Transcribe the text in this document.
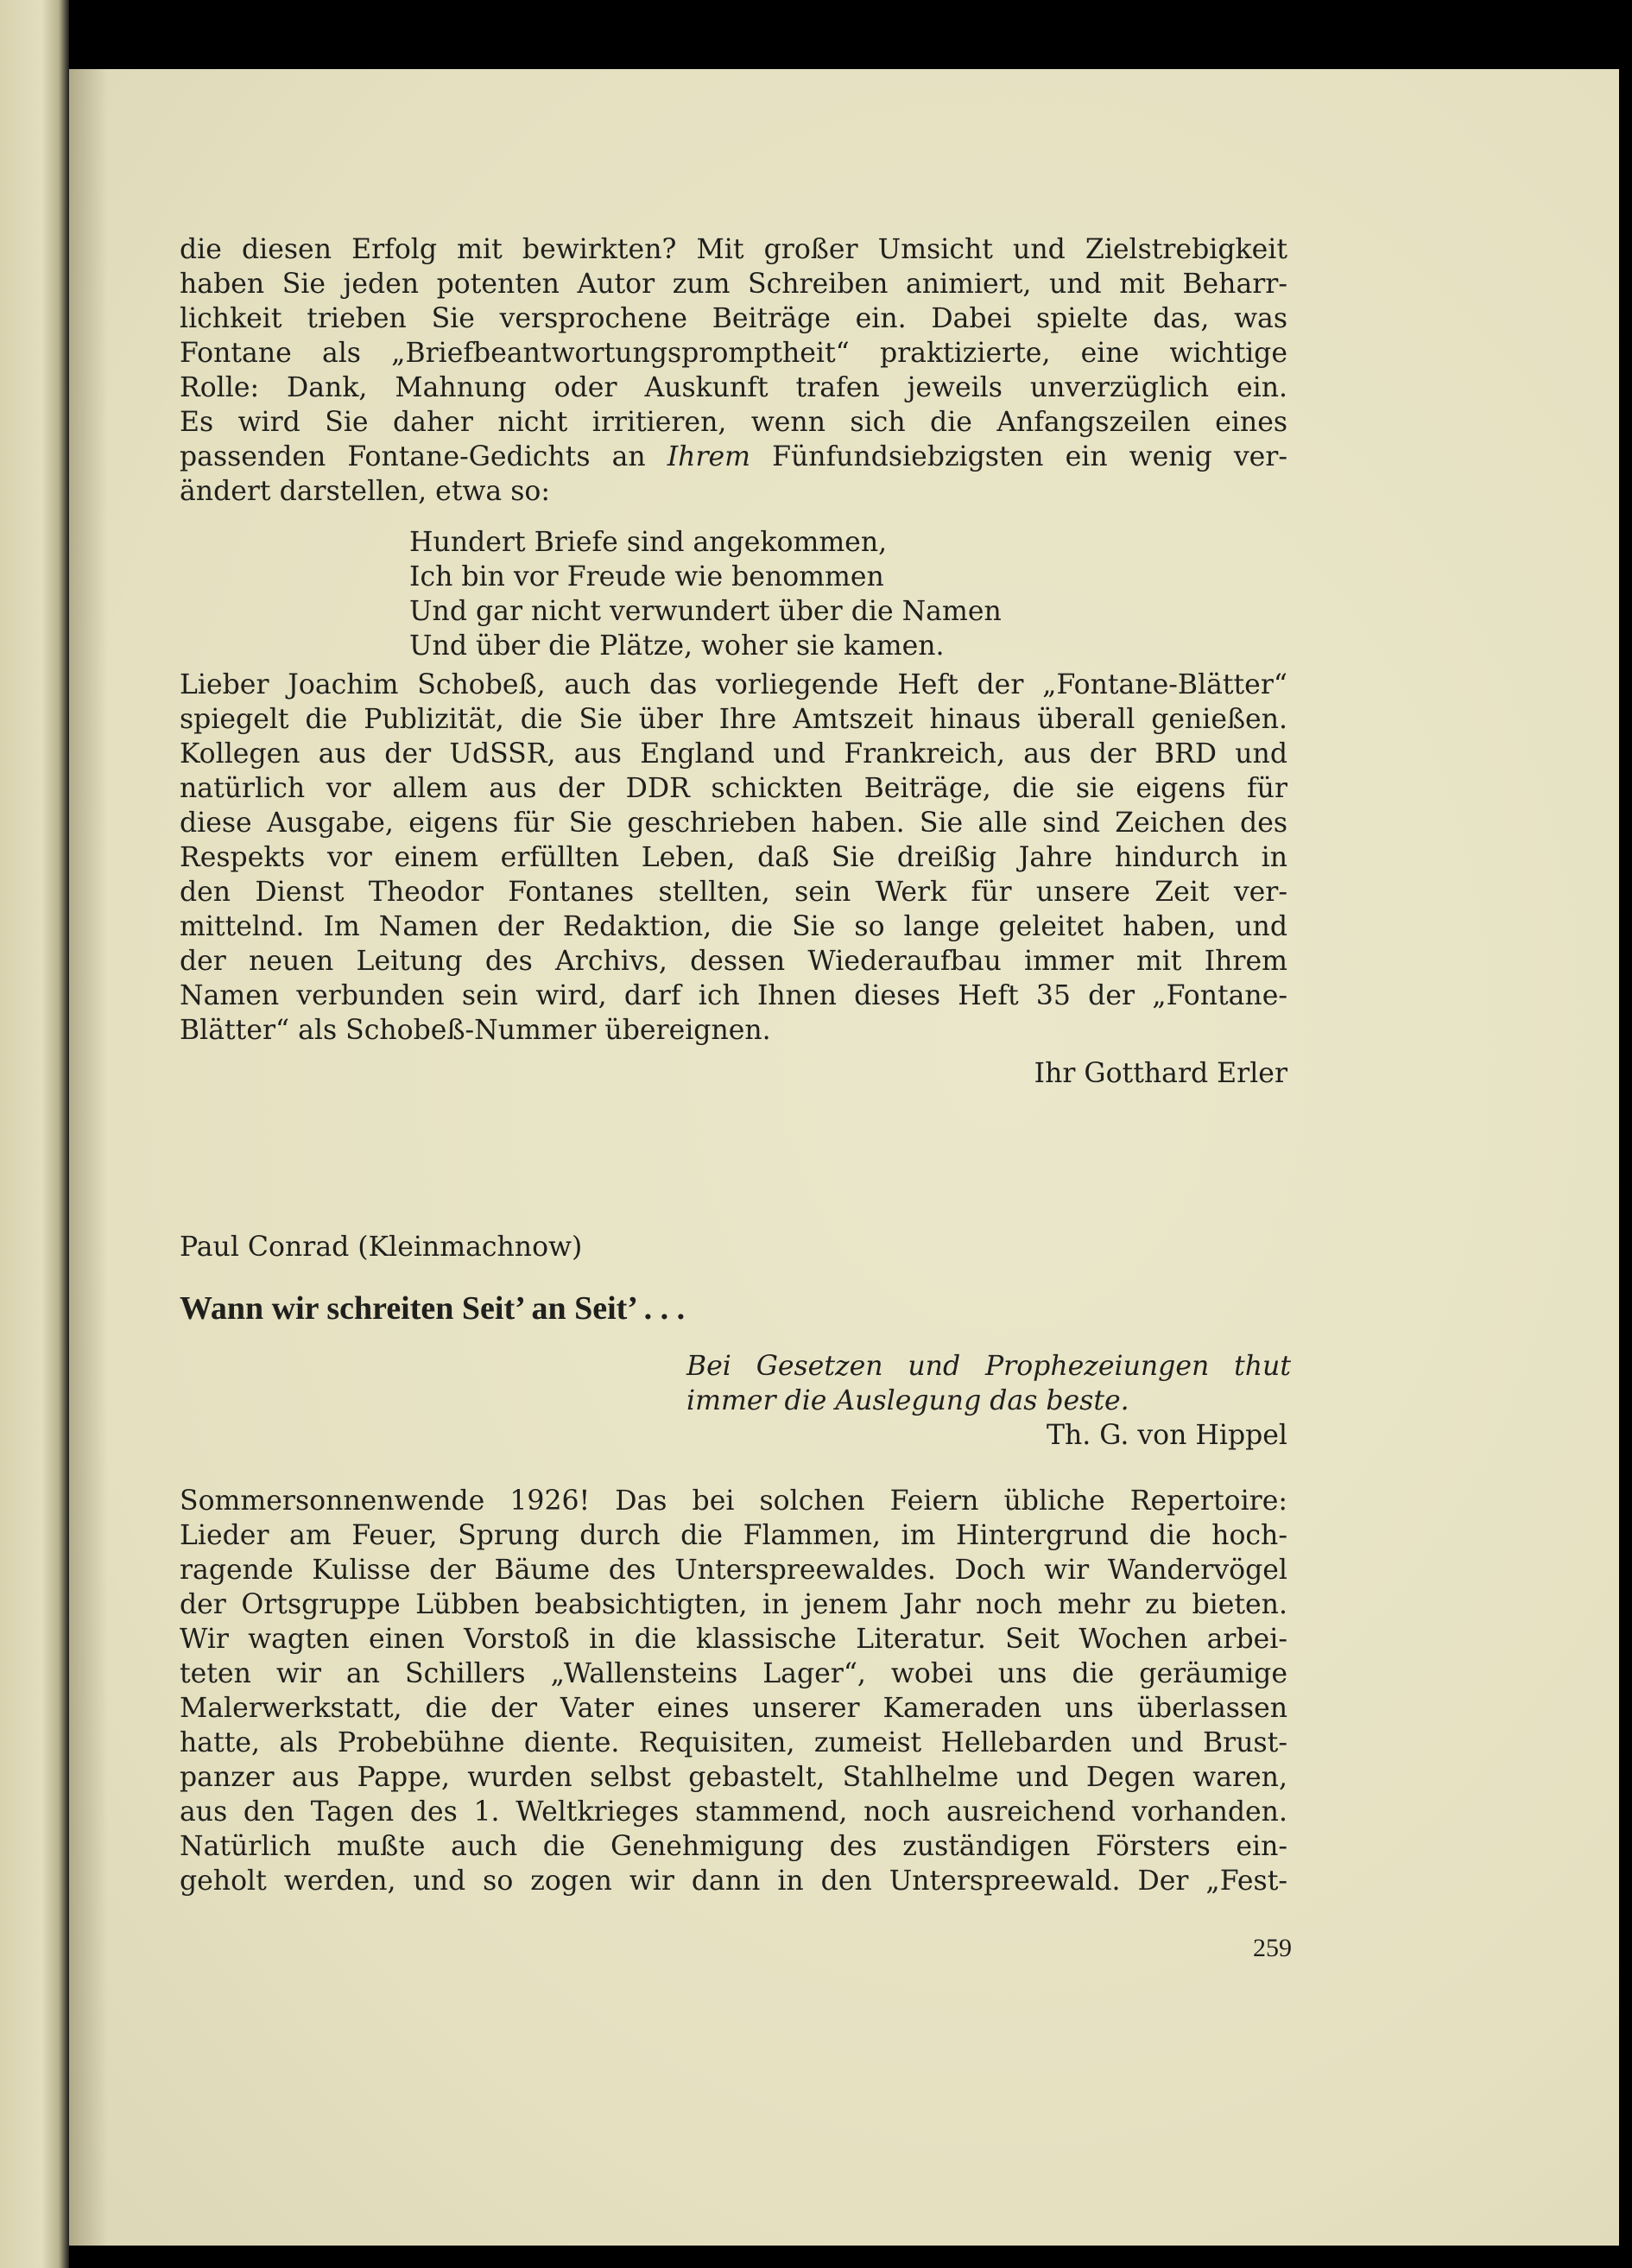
die diesen Erfolg mit bewirkten? Mit großer Umsicht und Zielstrebigkeit

haben Sie jeden potenten Autor zum Schreiben animiert, und mit Beharr-

lichkeit trieben Sie versprochene Beiträge ein. Dabei spielte das, was

Fontane als „Briefbeantwortungspromptheit“ praktizierte, eine wichtige

Rolle: Dank, Mahnung oder Auskunft trafen jeweils unverzüglich ein.

Es wird Sie daher nicht irritieren, wenn sich die Anfangszeilen eines

passenden Fontane-Gedichts an Ihrem Fünfundsiebzigsten ein wenig ver-

ändert darstellen, etwa so:

Hundert Briefe sind angekommen,

Ich bin vor Freude wie benommen

Und gar nicht verwundert über die Namen

Und über die Plätze, woher sie kamen.

Lieber Joachim Schobeß, auch das vorliegende Heft der „Fontane-Blätter“

spiegelt die Publizität, die Sie über Ihre Amtszeit hinaus überall genießen.

Kollegen aus der UdSSR, aus England und Frankreich, aus der BRD und

natürlich vor allem aus der DDR schickten Beiträge, die sie eigens für

diese Ausgabe, eigens für Sie geschrieben haben. Sie alle sind Zeichen des

Respekts vor einem erfüllten Leben, daß Sie dreißig Jahre hindurch in

den Dienst Theodor Fontanes stellten, sein Werk für unsere Zeit ver-

mittelnd. Im Namen der Redaktion, die Sie so lange geleitet haben, und

der neuen Leitung des Archivs, dessen Wiederaufbau immer mit Ihrem

Namen verbunden sein wird, darf ich Ihnen dieses Heft 35 der „Fontane-

Blätter“ als Schobeß-Nummer übereignen.

Ihr Gotthard Erler
Paul Conrad (Kleinmachnow)
Wann wir schreiten Seit’ an Seit’ . . .

Bei Gesetzen und Prophezeiungen thut

immer die Auslegung das beste.

Th. G. von Hippel

Sommersonnenwende 1926! Das bei solchen Feiern übliche Repertoire:

Lieder am Feuer, Sprung durch die Flammen, im Hintergrund die hoch-

ragende Kulisse der Bäume des Unterspreewaldes. Doch wir Wandervögel

der Ortsgruppe Lübben beabsichtigten, in jenem Jahr noch mehr zu bieten.

Wir wagten einen Vorstoß in die klassische Literatur. Seit Wochen arbei-

teten wir an Schillers „Wallensteins Lager“, wobei uns die geräumige

Malerwerkstatt, die der Vater eines unserer Kameraden uns überlassen

hatte, als Probebühne diente. Requisiten, zumeist Hellebarden und Brust-

panzer aus Pappe, wurden selbst gebastelt, Stahlhelme und Degen waren,

aus den Tagen des 1. Weltkrieges stammend, noch ausreichend vorhanden.

Natürlich mußte auch die Genehmigung des zuständigen Försters ein-

geholt werden, und so zogen wir dann in den Unterspreewald. Der „Fest-

259
